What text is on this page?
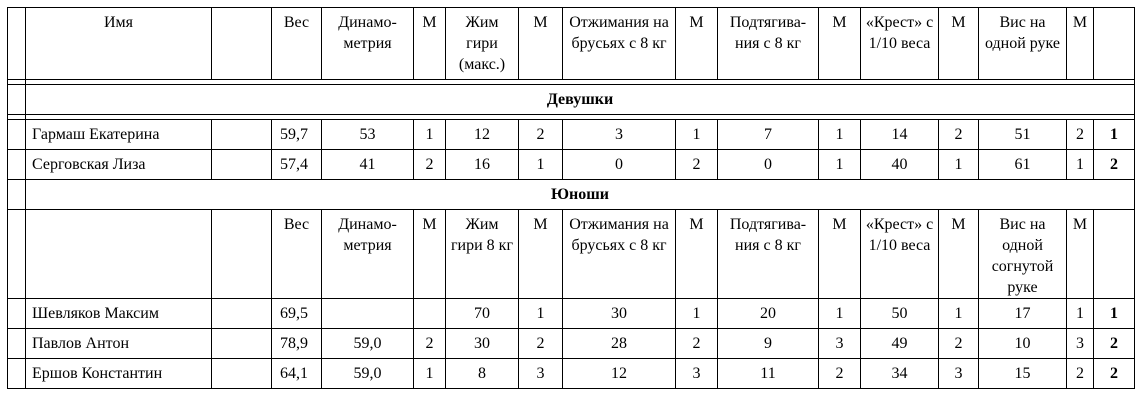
	Имя		Вес	Динамо-метрия	М	Жим гири (макс.)	М	Отжимания на брусьях с 8 кг	М	Подтягива-ния с 8 кг	М	«Крест» с 1/10 веса	М	Вис на одной руке	М	

	Девушки															

	Гармаш Екатерина		59,7	53	1	12	2	3	1	7	1	14	2	51	2	1
	Серговская Лиза		57,4	41	2	16	1	0	2	0	1	40	1	61	1	2
	Юноши															
			Вес	Динамо-метрия	М	Жим гири 8 кг	М	Отжимания на брусьях с 8 кг	М	Подтягива-ния с 8 кг	М	«Крест» с 1/10 веса	М	Вис на одной согнутой руке	М	
	Шевляков Максим		69,5			70	1	30	1	20	1	50	1	17	1	1
	Павлов Антон		78,9	59,0	2	30	2	28	2	9	3	49	2	10	3	2
	Ершов Константин		64,1	59,0	1	8	3	12	3	11	2	34	3	15	2	2
